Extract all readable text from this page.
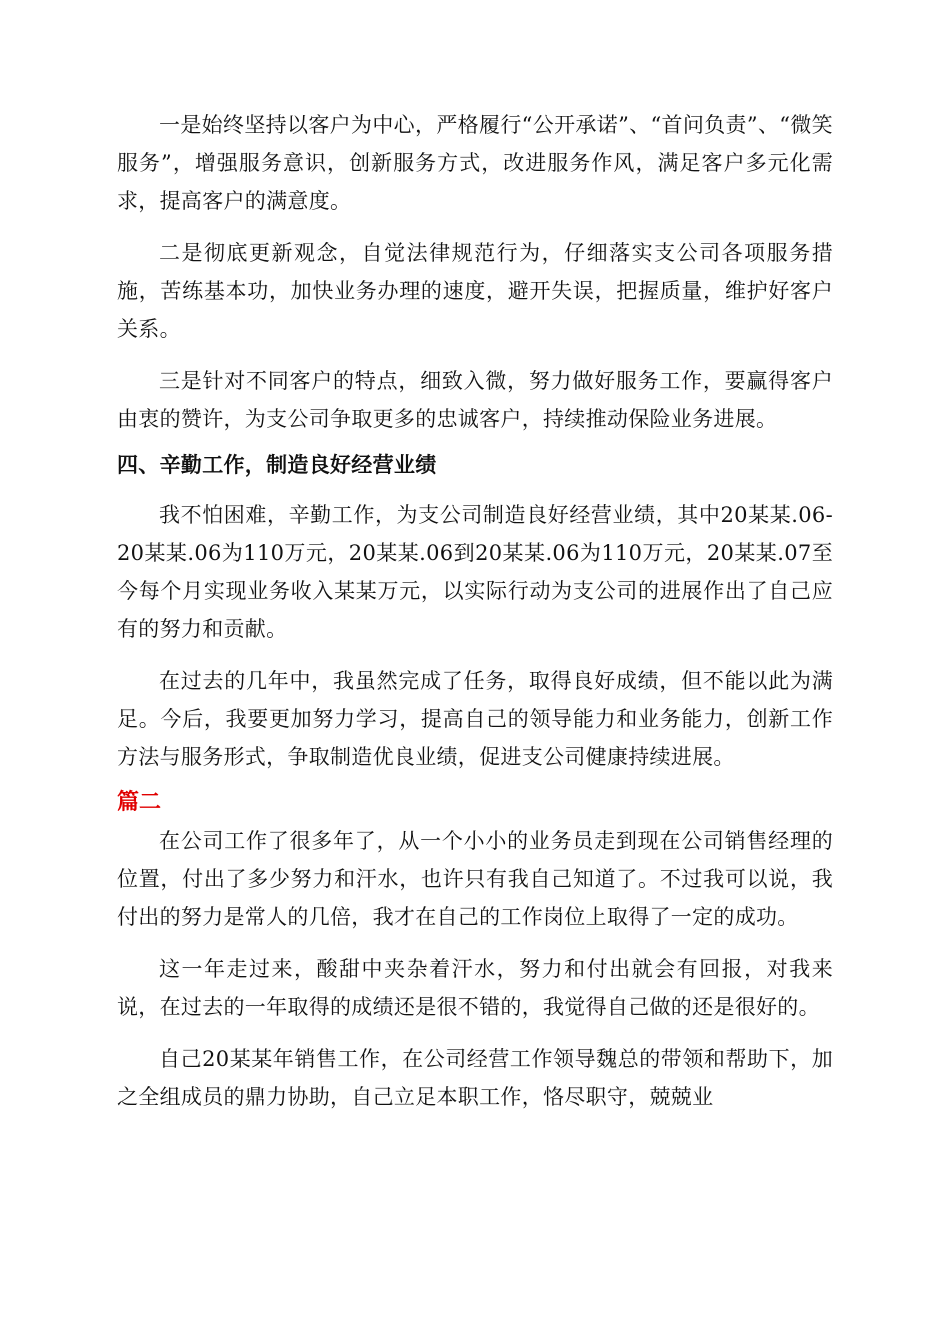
一是始终坚持以客户为中心，严格履行“公开承诺”、“首问负责”、“微笑服务”，增强服务意识，创新服务方式，改进服务作风，满足客户多元化需求，提高客户的满意度。

二是彻底更新观念，自觉法律规范行为，仔细落实支公司各项服务措施，苦练基本功，加快业务办理的速度，避开失误，把握质量，维护好客户关系。

三是针对不同客户的特点，细致入微，努力做好服务工作，要赢得客户由衷的赞许，为支公司争取更多的忠诚客户，持续推动保险业务进展。

四、辛勤工作，制造良好经营业绩

我不怕困难，辛勤工作，为支公司制造良好经营业绩，其中20某某.06-20某某.06为110万元，20某某.06到20某某.06为110万元，20某某.07至今每个月实现业务收入某某万元，以实际行动为支公司的进展作出了自己应有的努力和贡献。

在过去的几年中，我虽然完成了任务，取得良好成绩，但不能以此为满足。今后，我要更加努力学习，提高自己的领导能力和业务能力，创新工作方法与服务形式，争取制造优良业绩，促进支公司健康持续进展。

篇二

在公司工作了很多年了，从一个小小的业务员走到现在公司销售经理的位置，付出了多少努力和汗水，也许只有我自己知道了。不过我可以说，我付出的努力是常人的几倍，我才在自己的工作岗位上取得了一定的成功。

这一年走过来，酸甜中夹杂着汗水，努力和付出就会有回报，对我来说，在过去的一年取得的成绩还是很不错的，我觉得自己做的还是很好的。

自己20某某年销售工作，在公司经营工作领导魏总的带领和帮助下，加之全组成员的鼎力协助，自己立足本职工作，恪尽职守，兢兢业
